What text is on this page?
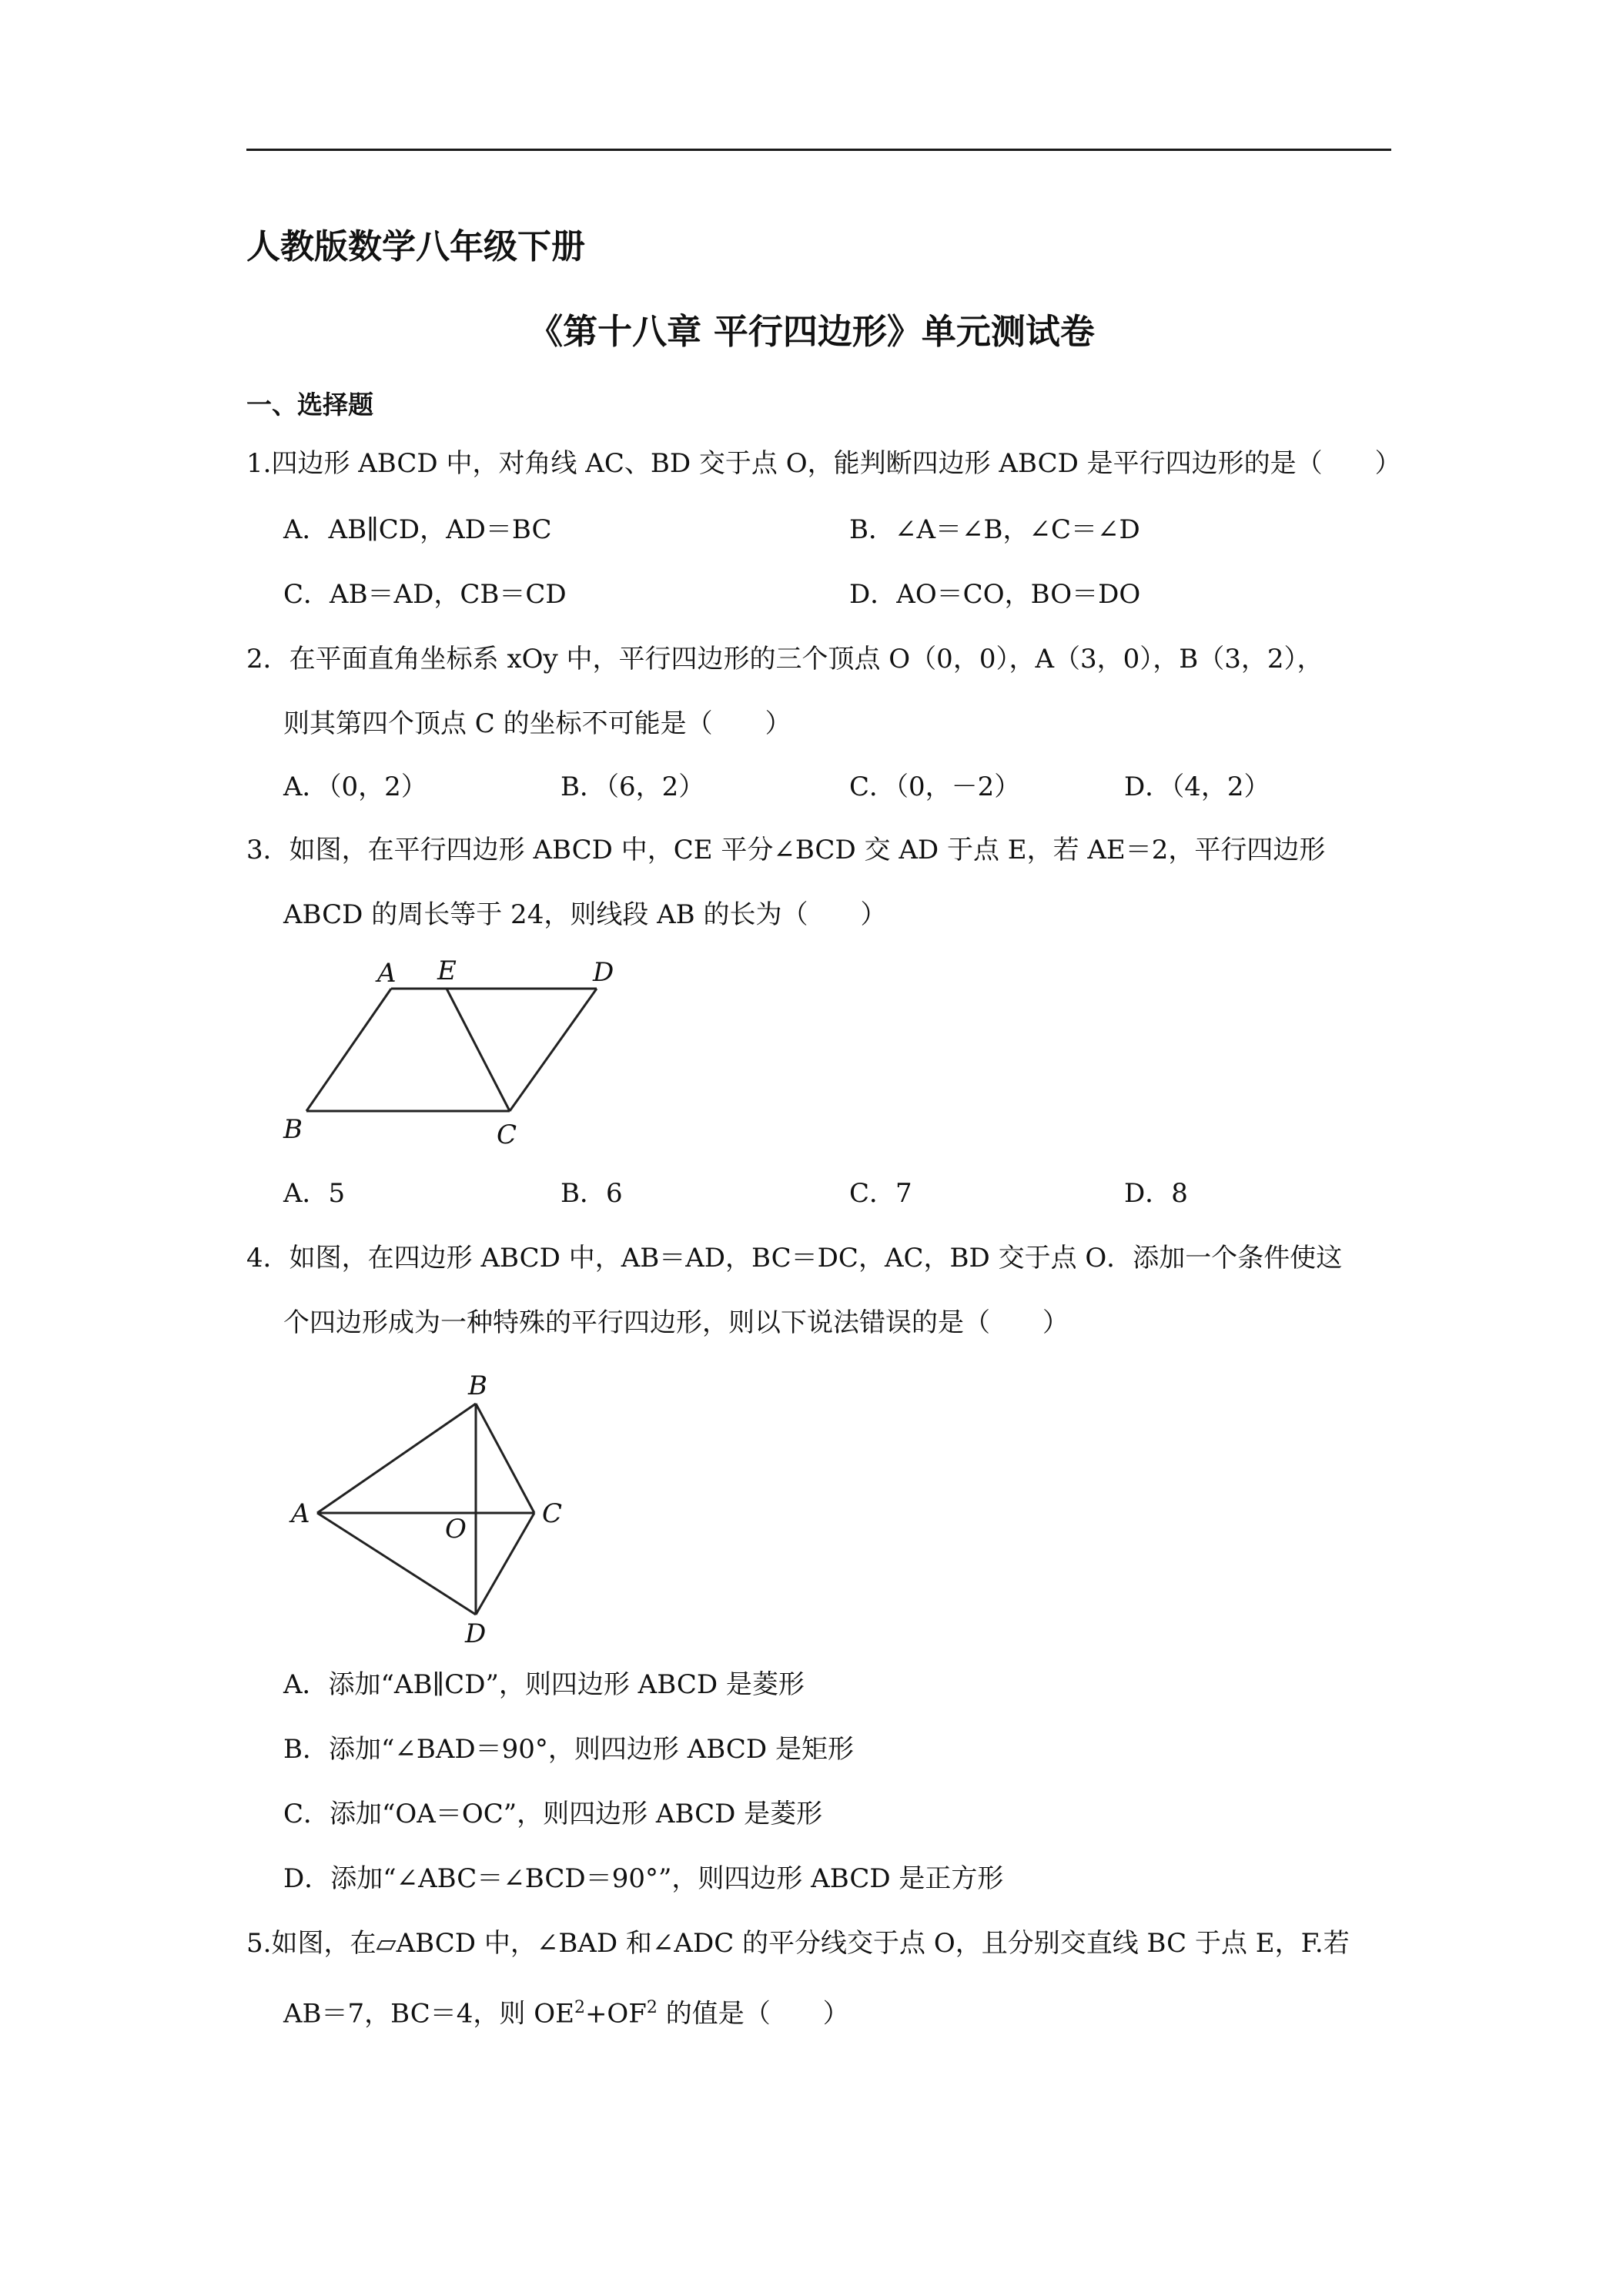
人教版数学八年级下册
《第十八章 平行四边形》单元测试卷
一、选择题
1.四边形 ABCD 中，对角线 AC、BD 交于点 O，能判断四边形 ABCD 是平行四边形的是（　　）
A．AB∥CD，AD＝BC	B．∠A＝∠B，∠C＝∠D
C．AB＝AD，CB＝CD	D．AO＝CO，BO＝DO
2．在平面直角坐标系 xOy 中，平行四边形的三个顶点 O（0，0），A（3，0），B（3，2），
则其第四个顶点 C 的坐标不可能是（　　）
A．（0，2）	B．（6，2）	C．（0，－2）	D．（4，2）
3．如图，在平行四边形 ABCD 中，CE 平分∠BCD 交 AD 于点 E，若 AE＝2，平行四边形
ABCD 的周长等于 24，则线段 AB 的长为（　　）
A E	D
B	C
A．5	B．6	C．7	D．8
4．如图，在四边形 ABCD 中，AB＝AD，BC＝DC，AC，BD 交于点 O．添加一个条件使这
个四边形成为一种特殊的平行四边形，则以下说法错误的是（　　）
B
A	O	C
D
A．添加“AB∥CD”，则四边形 ABCD 是菱形
B．添加“∠BAD＝90°，则四边形 ABCD 是矩形
C．添加“OA＝OC”，则四边形 ABCD 是菱形
D．添加“∠ABC＝∠BCD＝90°”，则四边形 ABCD 是正方形
5.如图，在▱ABCD 中，∠BAD 和∠ADC 的平分线交于点 O，且分别交直线 BC 于点 E，F.若
AB＝7，BC＝4，则 $OE^2+OF^2$ 的值是（　　）
